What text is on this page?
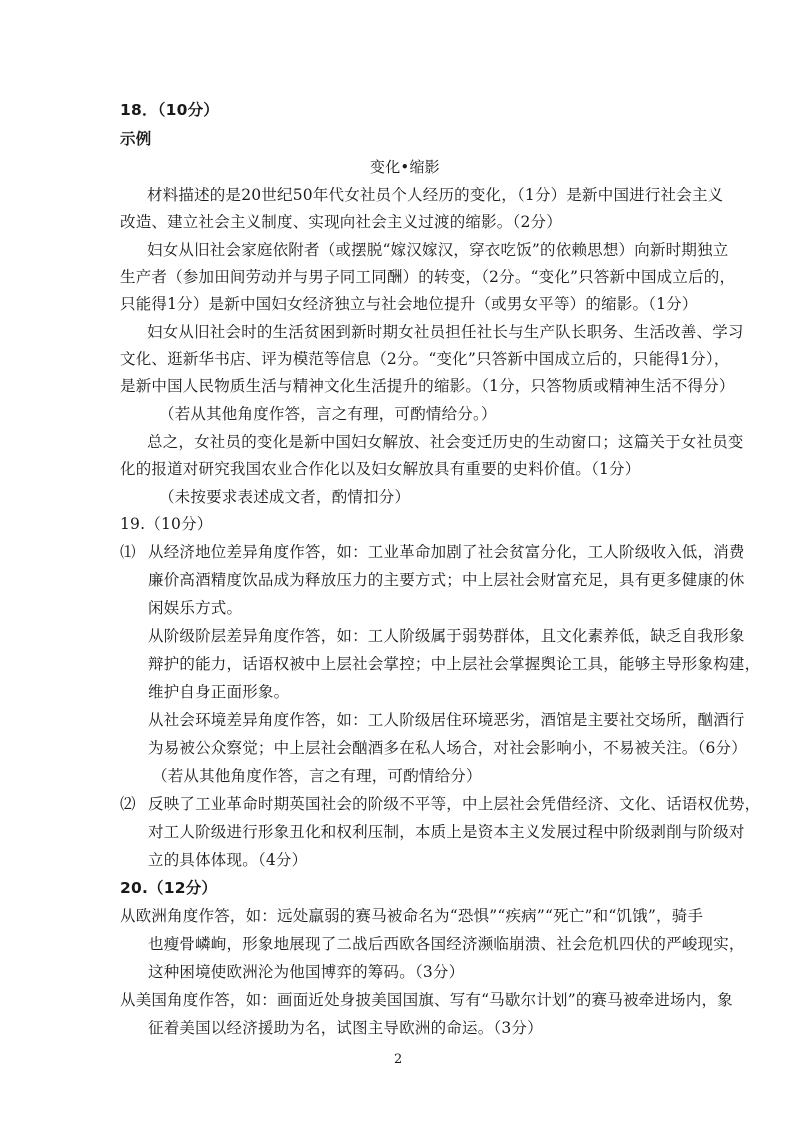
18．（10分）
示例
变化•缩影
材料描述的是20世纪50年代女社员个人经历的变化，（1分）是新中国进行社会主义
改造、建立社会主义制度、实现向社会主义过渡的缩影。（2分）
妇女从旧社会家庭依附者（或摆脱“嫁汉嫁汉，穿衣吃饭”的依赖思想）向新时期独立
生产者（参加田间劳动并与男子同工同酬）的转变，（2分。“变化”只答新中国成立后的，
只能得1分）是新中国妇女经济独立与社会地位提升（或男女平等）的缩影。（1分）
妇女从旧社会时的生活贫困到新时期女社员担任社长与生产队长职务、生活改善、学习
文化、逛新华书店、评为模范等信息（2分。“变化”只答新中国成立后的，只能得1分），
是新中国人民物质生活与精神文化生活提升的缩影。（1分，只答物质或精神生活不得分）
（若从其他角度作答，言之有理，可酌情给分。）
总之，女社员的变化是新中国妇女解放、社会变迁历史的生动窗口；这篇关于女社员变
化的报道对研究我国农业合作化以及妇女解放具有重要的史料价值。（1分）
（未按要求表述成文者，酌情扣分）
19.（10分）
⑴ 从经济地位差异角度作答，如：工业革命加剧了社会贫富分化，工人阶级收入低，消费
廉价高酒精度饮品成为释放压力的主要方式；中上层社会财富充足，具有更多健康的休
闲娱乐方式。
从阶级阶层差异角度作答，如：工人阶级属于弱势群体，且文化素养低，缺乏自我形象
辩护的能力，话语权被中上层社会掌控；中上层社会掌握舆论工具，能够主导形象构建，
维护自身正面形象。
从社会环境差异角度作答，如：工人阶级居住环境恶劣，酒馆是主要社交场所，酗酒行
为易被公众察觉；中上层社会酗酒多在私人场合，对社会影响小，不易被关注。（6分）
（若从其他角度作答，言之有理，可酌情给分）
⑵ 反映了工业革命时期英国社会的阶级不平等，中上层社会凭借经济、文化、话语权优势，
对工人阶级进行形象丑化和权利压制，本质上是资本主义发展过程中阶级剥削与阶级对
立的具体体现。（4分）
20.（12分）
从欧洲角度作答，如：远处羸弱的赛马被命名为“恐惧”“疾病”“死亡”和“饥饿”，骑手
也瘦骨嶙峋，形象地展现了二战后西欧各国经济濒临崩溃、社会危机四伏的严峻现实，
这种困境使欧洲沦为他国博弈的筹码。（3分）
从美国角度作答，如：画面近处身披美国国旗、写有“马歇尔计划”的赛马被牵进场内，象
征着美国以经济援助为名，试图主导欧洲的命运。（3分）
2
